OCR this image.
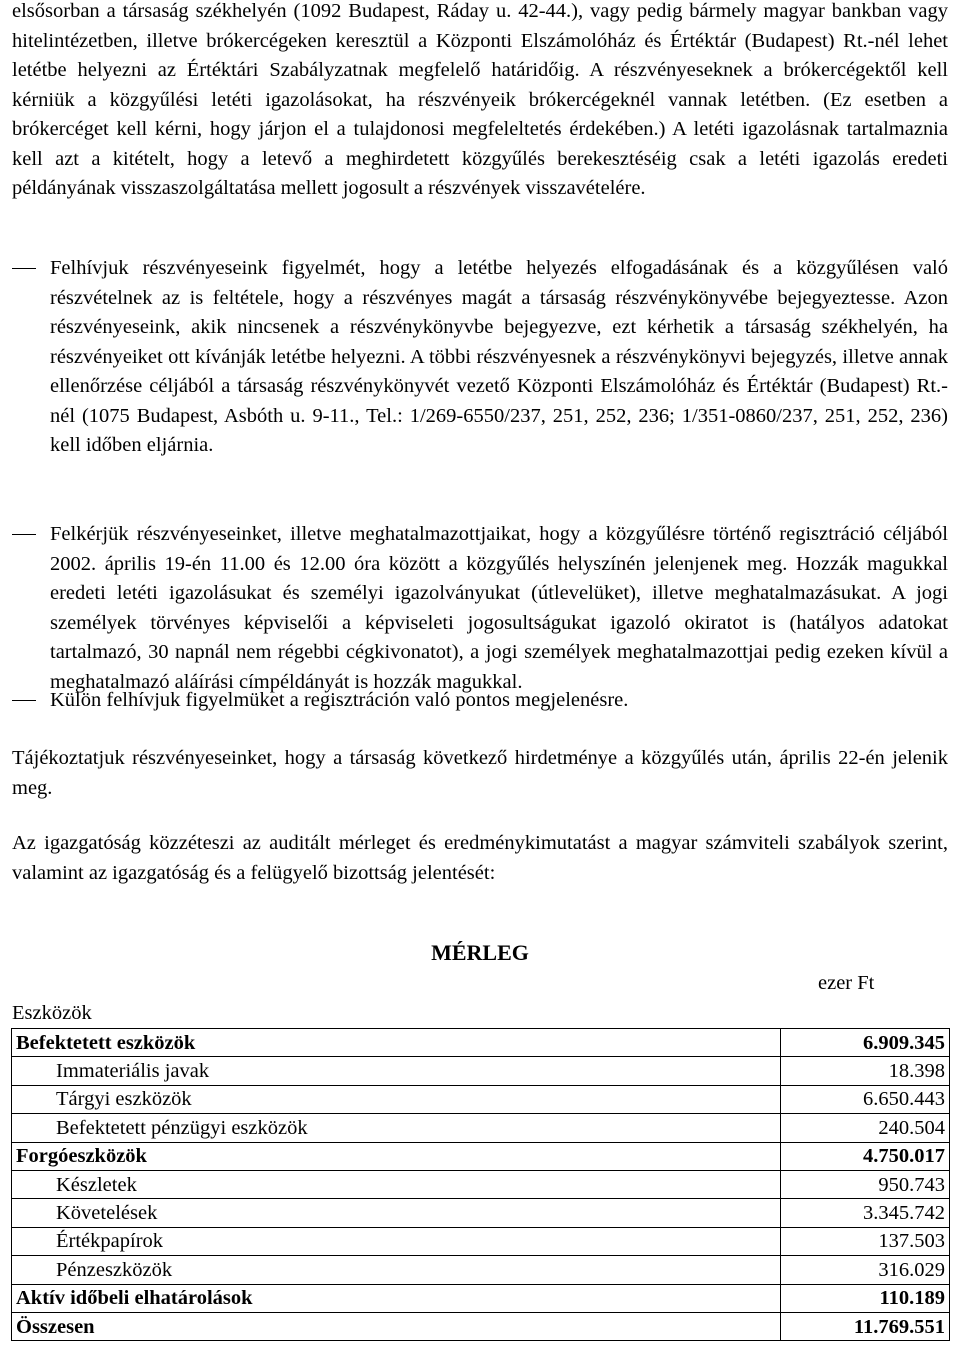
elsősorban a társaság székhelyén (1092 Budapest, Ráday u. 42-44.), vagy pedig bármely magyar bankban vagy hitelintézetben, illetve brókercégeken keresztül a Központi Elszámolóház és Értéktár (Budapest) Rt.-nél lehet letétbe helyezni az Értéktári Szabályzatnak megfelelő határidőig. A részvényeseknek a brókercégektől kell kérniük a közgyűlési letéti igazolásokat, ha részvényeik brókercégeknél vannak letétben. (Ez esetben a brókercéget kell kérni, hogy járjon el a tulajdonosi megfeleltetés érdekében.) A letéti igazolásnak tartalmaznia kell azt a kitételt, hogy a letevő a meghirdetett közgyűlés berekesztéséig csak a letéti igazolás eredeti példányának visszaszolgáltatása mellett jogosult a részvények visszavételére.

Felhívjuk részvényeseink figyelmét, hogy a letétbe helyezés elfogadásának és a közgyűlésen való részvételnek az is feltétele, hogy a részvényes magát a társaság részvénykönyvébe bejegyeztesse. Azon részvényeseink, akik nincsenek a részvénykönyvbe bejegyezve, ezt kérhetik a társaság székhelyén, ha részvényeiket ott kívánják letétbe helyezni. A többi részvényesnek a részvénykönyvi bejegyzés, illetve annak ellenőrzése céljából a társaság részvénykönyvét vezető Központi Elszámolóház és Értéktár (Budapest) Rt.-nél (1075 Budapest, Asbóth u. 9-11., Tel.: 1/269-6550/237, 251, 252, 236; 1/351-0860/237, 251, 252, 236) kell időben eljárnia.
Felkérjük részvényeseinket, illetve meghatalmazottjaikat, hogy a közgyűlésre történő regisztráció céljából 2002. április 19-én 11.00 és 12.00 óra között a közgyűlés helyszínén jelenjenek meg. Hozzák magukkal eredeti letéti igazolásukat és személyi igazolványukat (útlevelüket), illetve meghatalmazásukat. A jogi személyek törvényes képviselői a képviseleti jogosultságukat igazoló okiratot is (hatályos adatokat tartalmazó, 30 napnál nem régebbi cégkivonatot), a jogi személyek meghatalmazottjai pedig ezeken kívül a meghatalmazó aláírási címpéldányát is hozzák magukkal.
Külön felhívjuk figyelmüket a regisztráción való pontos megjelenésre.

Tájékoztatjuk részvényeseinket, hogy a társaság következő hirdetménye a közgyűlés után, április 22-én jelenik meg.

Az igazgatóság közzéteszi az auditált mérleget és eredménykimutatást a magyar számviteli szabályok szerint, valamint az igazgatóság és a felügyelő bizottság jelentését:

MÉRLEG
ezer Ft
Eszközök
Befektetett eszközök	6.909.345
Immateriális javak	18.398
Tárgyi eszközök	6.650.443
Befektetett pénzügyi eszközök	240.504
Forgóeszközök	4.750.017
Készletek	950.743
Követelések	3.345.742
Értékpapírok	137.503
Pénzeszközök	316.029
Aktív időbeli elhatárolások	110.189
Összesen	11.769.551
